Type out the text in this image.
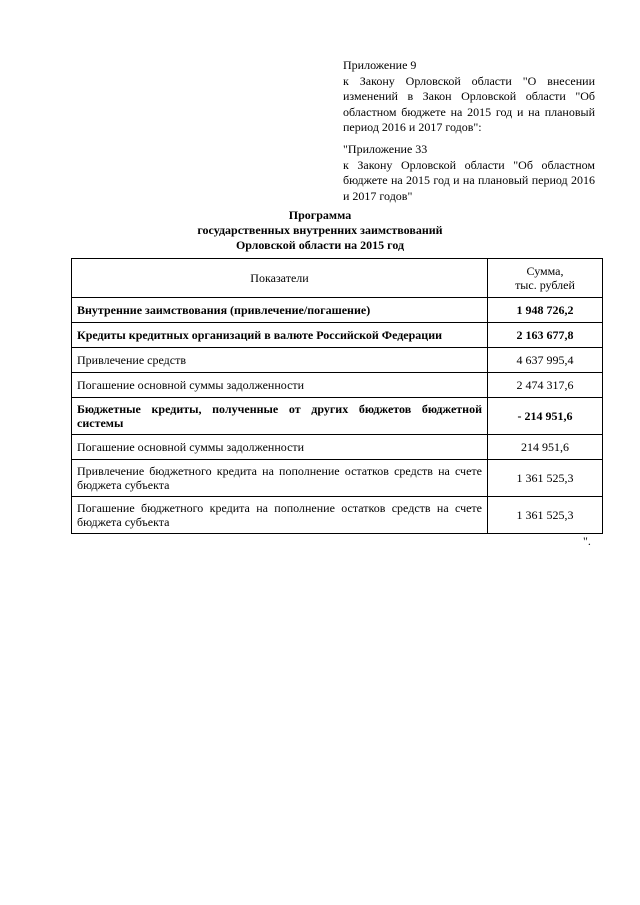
Приложение 9
к Закону Орловской области "О внесении изменений в Закон Орловской области "Об областном бюджете на 2015 год и на плановый период 2016 и 2017 годов":
"Приложение 33
к Закону Орловской области "Об областном бюджете на 2015 год и на плановый период 2016 и 2017 годов"
Программа
государственных внутренних заимствований
Орловской области на 2015 год
Показатели	Сумма,
тыс. рублей
Внутренние заимствования (привлечение/погашение)	1 948 726,2
Кредиты кредитных организаций в валюте Российской Федерации	2 163 677,8
Привлечение средств	4 637 995,4
Погашение основной суммы задолженности	2 474 317,6
Бюджетные кредиты, полученные от других бюджетов бюджетной системы	- 214 951,6
Погашение основной суммы задолженности	214 951,6
Привлечение бюджетного кредита на пополнение остатков средств на счете бюджета субъекта	1 361 525,3
Погашение бюджетного кредита на пополнение остатков средств на счете бюджета субъекта	1 361 525,3
".
